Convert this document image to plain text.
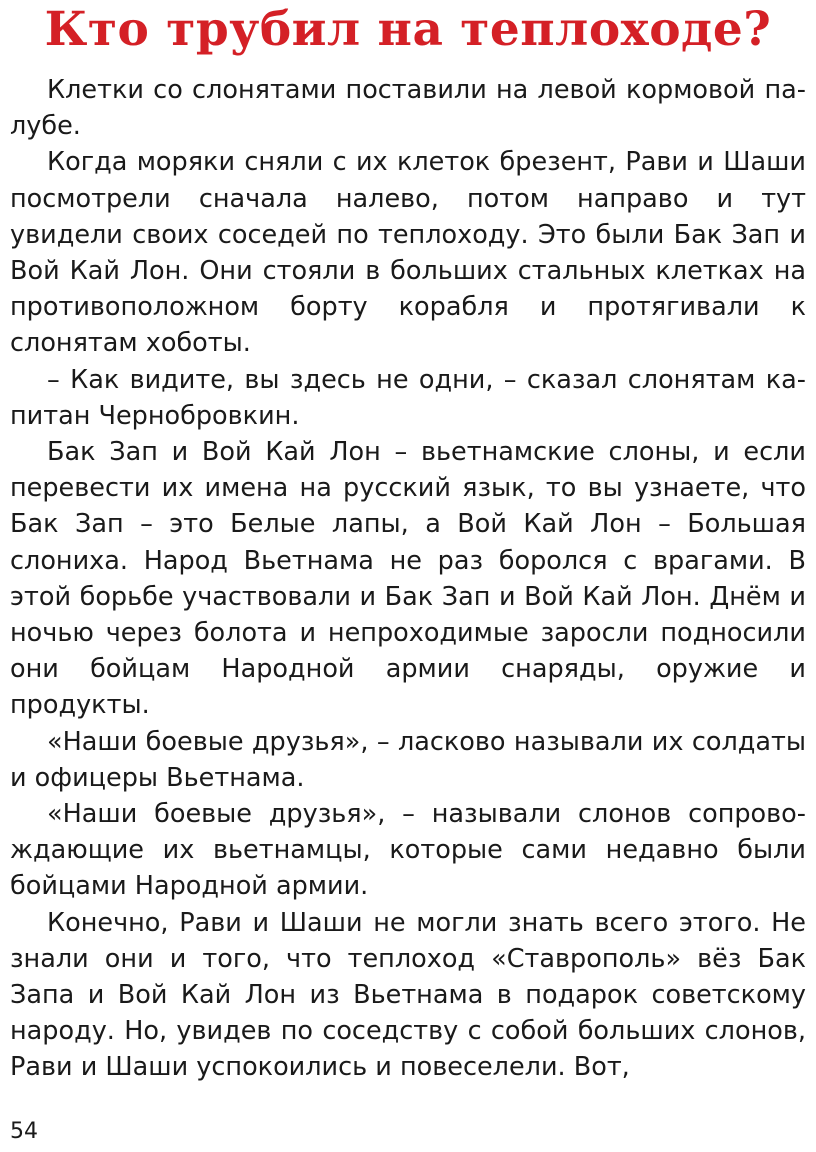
Кто трубил на теплоходе?

Клетки со слонятами поставили на левой кормовой палубе.

Когда моряки сняли с их клеток брезент, Рави и Шаши посмотрели сначала налево, потом направо и тут увидели своих соседей по теплоходу. Это были Бак Зап и Вой Кай Лон. Они стояли в больших стальных клетках на противоположном борту корабля и протягивали к слонятам хоботы.

– Как видите, вы здесь не одни, – сказал слонятам капитан Чернобровкин.

Бак Зап и Вой Кай Лон – вьетнамские слоны, и если перевести их имена на русский язык, то вы узнаете, что Бак Зап – это Белые лапы, а Вой Кай Лон – Большая слониха. Народ Вьетнама не раз боролся с врагами. В этой борьбе участвовали и Бак Зап и Вой Кай Лон. Днём и ночью через болота и непроходимые заросли подносили они бойцам Народной армии снаряды, оружие и продукты.

«Наши боевые друзья», – ласково называли их солдаты и офицеры Вьетнама.

«Наши боевые друзья», – называли слонов сопровождающие их вьетнамцы, которые сами недавно были бойцами Народной армии.

Конечно, Рави и Шаши не могли знать всего этого. Не знали они и того, что теплоход «Ставрополь» вёз Бак Запа и Вой Кай Лон из Вьетнама в подарок советскому народу. Но, увидев по соседству с собой больших слонов, Рави и Шаши успокоились и повеселели. Вот,

54
